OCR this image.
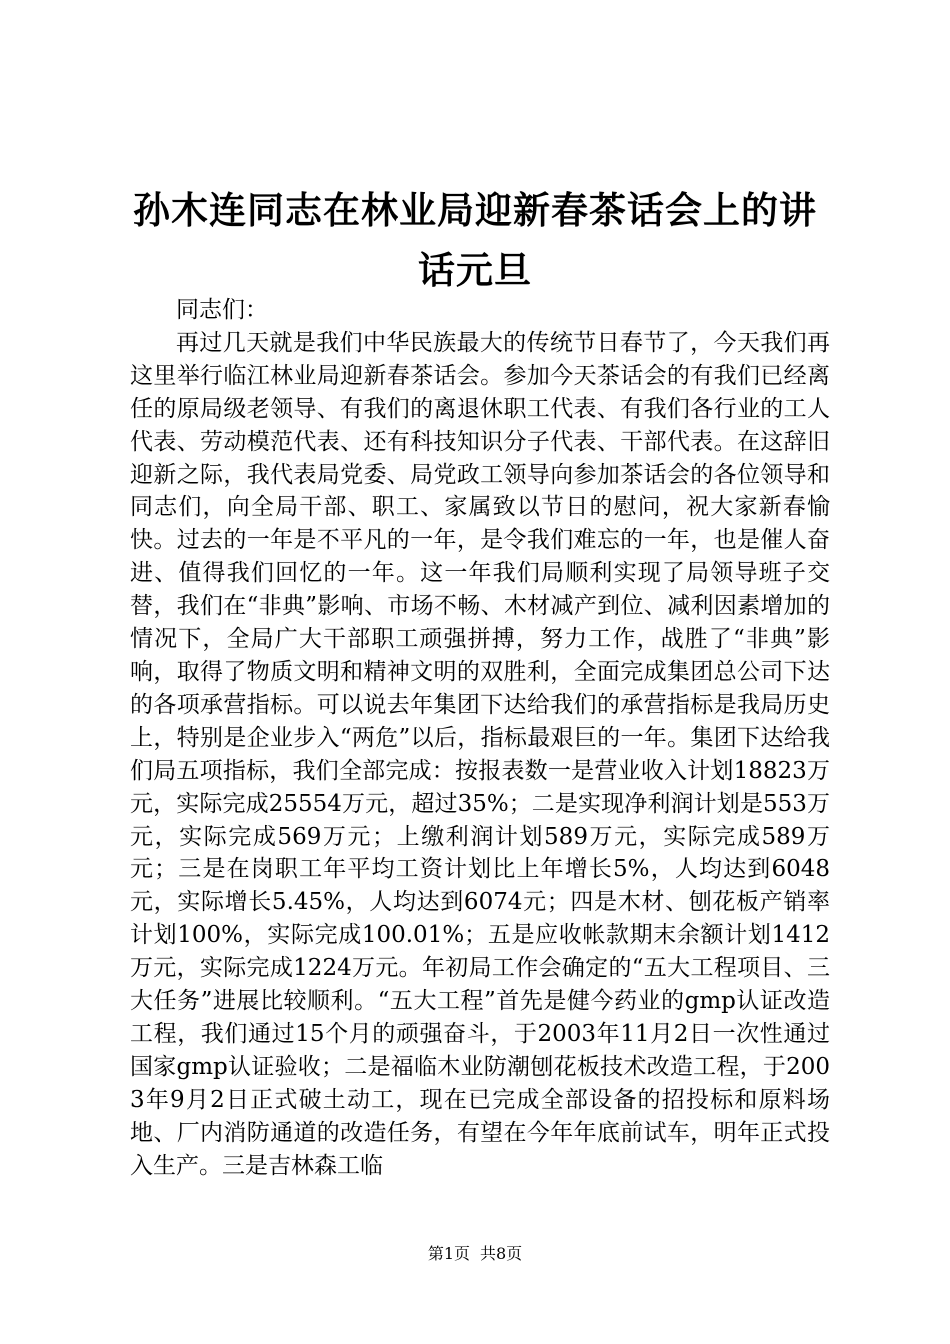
孙木连同志在林业局迎新春茶话会上的讲话元旦

同志们：

再过几天就是我们中华民族最大的传统节日春节了，今天我们再这里举行临江林业局迎新春茶话会。参加今天茶话会的有我们已经离任的原局级老领导、有我们的离退休职工代表、有我们各行业的工人代表、劳动模范代表、还有科技知识分子代表、干部代表。在这辞旧迎新之际，我代表局党委、局党政工领导向参加茶话会的各位领导和同志们，向全局干部、职工、家属致以节日的慰问，祝大家新春愉快。过去的一年是不平凡的一年，是令我们难忘的一年，也是催人奋进、值得我们回忆的一年。这一年我们局顺利实现了局领导班子交替，我们在“非典”影响、市场不畅、木材减产到位、减利因素增加的情况下，全局广大干部职工顽强拼搏，努力工作，战胜了“非典”影响，取得了物质文明和精神文明的双胜利，全面完成集团总公司下达的各项承营指标。可以说去年集团下达给我们的承营指标是我局历史上，特别是企业步入“两危”以后，指标最艰巨的一年。集团下达给我们局五项指标，我们全部完成：按报表数一是营业收入计划18823万元，实际完成25554万元，超过35%；二是实现净利润计划是553万元，实际完成569万元；上缴利润计划589万元，实际完成589万元；三是在岗职工年平均工资计划比上年增长5%，人均达到6048元，实际增长5.45%，人均达到6074元；四是木材、刨花板产销率计划100%，实际完成100.01%；五是应收帐款期末余额计划1412万元，实际完成1224万元。年初局工作会确定的“五大工程项目、三大任务”进展比较顺利。“五大工程”首先是健今药业的gmp认证改造工程，我们通过15个月的顽强奋斗，于2003年11月2日一次性通过国家gmp认证验收；二是福临木业防潮刨花板技术改造工程，于2003年9月2日正式破土动工，现在已完成全部设备的招投标和原料场地、厂内消防通道的改造任务，有望在今年年底前试车，明年正式投入生产。三是吉林森工临

第1页 共8页
